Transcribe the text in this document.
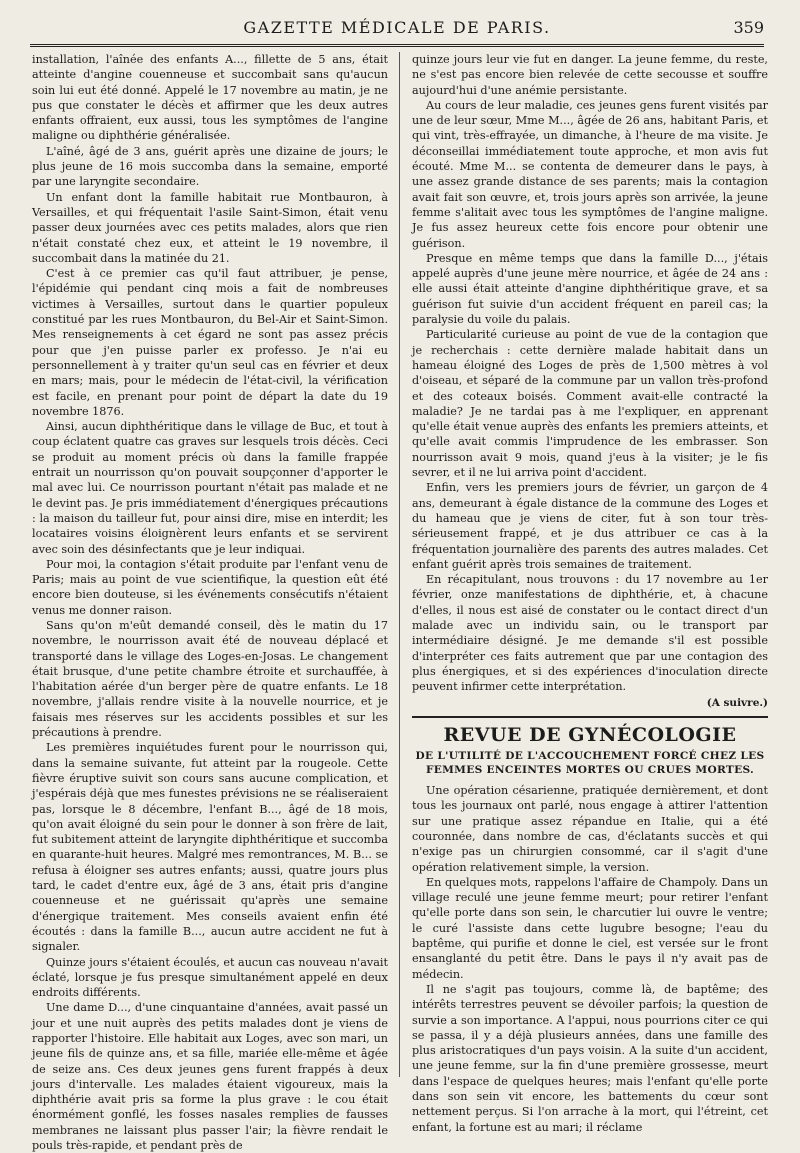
GAZETTE MÉDICALE DE PARIS.	359

installation, l'aînée des enfants A..., fillette de 5 ans, était atteinte d'angine couenneuse et succombait sans qu'aucun soin lui eut été donné. Appelé le 17 novembre au matin, je ne pus que constater le décès et affirmer que les deux autres enfants offraient, eux aussi, tous les symptômes de l'angine maligne ou diphthérie généralisée.

L'aîné, âgé de 3 ans, guérit après une dizaine de jours; le plus jeune de 16 mois succomba dans la semaine, emporté par une laryngite secondaire.

Un enfant dont la famille habitait rue Montbauron, à Versailles, et qui fréquentait l'asile Saint-Simon, était venu passer deux journées avec ces petits malades, alors que rien n'était constaté chez eux, et atteint le 19 novembre, il succombait dans la matinée du 21.

C'est à ce premier cas qu'il faut attribuer, je pense, l'épidémie qui pendant cinq mois a fait de nombreuses victimes à Versailles, surtout dans le quartier populeux constitué par les rues Montbauron, du Bel-Air et Saint-Simon. Mes renseignements à cet égard ne sont pas assez précis pour que j'en puisse parler ex professo. Je n'ai eu personnellement à y traiter qu'un seul cas en février et deux en mars; mais, pour le médecin de l'état-civil, la vérification est facile, en prenant pour point de départ la date du 19 novembre 1876.

Ainsi, aucun diphthéritique dans le village de Buc, et tout à coup éclatent quatre cas graves sur lesquels trois décès. Ceci se produit au moment précis où dans la famille frappée entrait un nourrisson qu'on pouvait soupçonner d'apporter le mal avec lui. Ce nourrisson pourtant n'était pas malade et ne le devint pas. Je pris immédiatement d'énergiques précautions : la maison du tailleur fut, pour ainsi dire, mise en interdit; les locataires voisins éloignèrent leurs enfants et se servirent avec soin des désinfectants que je leur indiquai.

Pour moi, la contagion s'était produite par l'enfant venu de Paris; mais au point de vue scientifique, la question eût été encore bien douteuse, si les événements consécutifs n'étaient venus me donner raison.

Sans qu'on m'eût demandé conseil, dès le matin du 17 novembre, le nourrisson avait été de nouveau déplacé et transporté dans le village des Loges-en-Josas. Le changement était brusque, d'une petite chambre étroite et surchauffée, à l'habitation aérée d'un berger père de quatre enfants. Le 18 novembre, j'allais rendre visite à la nouvelle nourrice, et je faisais mes réserves sur les accidents possibles et sur les précautions à prendre.

Les premières inquiétudes furent pour le nourrisson qui, dans la semaine suivante, fut atteint par la rougeole. Cette fièvre éruptive suivit son cours sans aucune complication, et j'espérais déjà que mes funestes prévisions ne se réaliseraient pas, lorsque le 8 décembre, l'enfant B..., âgé de 18 mois, qu'on avait éloigné du sein pour le donner à son frère de lait, fut subitement atteint de laryngite diphthéritique et succomba en quarante-huit heures. Malgré mes remontrances, M. B... se refusa à éloigner ses autres enfants; aussi, quatre jours plus tard, le cadet d'entre eux, âgé de 3 ans, était pris d'angine couenneuse et ne guérissait qu'après une semaine d'énergique traitement. Mes conseils avaient enfin été écoutés : dans la famille B..., aucun autre accident ne fut à signaler.

Quinze jours s'étaient écoulés, et aucun cas nouveau n'avait éclaté, lorsque je fus presque simultanément appelé en deux endroits différents.

Une dame D..., d'une cinquantaine d'années, avait passé un jour et une nuit auprès des petits malades dont je viens de rapporter l'histoire. Elle habitait aux Loges, avec son mari, un jeune fils de quinze ans, et sa fille, mariée elle-même et âgée de seize ans. Ces deux jeunes gens furent frappés à deux jours d'intervalle. Les malades étaient vigoureux, mais la diphthérie avait pris sa forme la plus grave : le cou était énormément gonflé, les fosses nasales remplies de fausses membranes ne laissant plus passer l'air; la fièvre rendait le pouls très-rapide, et pendant près de

quinze jours leur vie fut en danger. La jeune femme, du reste, ne s'est pas encore bien relevée de cette secousse et souffre aujourd'hui d'une anémie persistante.

Au cours de leur maladie, ces jeunes gens furent visités par une de leur sœur, Mme M..., âgée de 26 ans, habitant Paris, et qui vint, très-effrayée, un dimanche, à l'heure de ma visite. Je déconseillai immédiatement toute approche, et mon avis fut écouté. Mme M... se contenta de demeurer dans le pays, à une assez grande distance de ses parents; mais la contagion avait fait son œuvre, et, trois jours après son arrivée, la jeune femme s'alitait avec tous les symptômes de l'angine maligne. Je fus assez heureux cette fois encore pour obtenir une guérison.

Presque en même temps que dans la famille D..., j'étais appelé auprès d'une jeune mère nourrice, et âgée de 24 ans : elle aussi était atteinte d'angine diphthéritique grave, et sa guérison fut suivie d'un accident fréquent en pareil cas; la paralysie du voile du palais.

Particularité curieuse au point de vue de la contagion que je recherchais : cette dernière malade habitait dans un hameau éloigné des Loges de près de 1,500 mètres à vol d'oiseau, et séparé de la commune par un vallon très-profond et des coteaux boisés. Comment avait-elle contracté la maladie? Je ne tardai pas à me l'expliquer, en apprenant qu'elle était venue auprès des enfants les premiers atteints, et qu'elle avait commis l'imprudence de les embrasser. Son nourrisson avait 9 mois, quand j'eus à la visiter; je le fis sevrer, et il ne lui arriva point d'accident.

Enfin, vers les premiers jours de février, un garçon de 4 ans, demeurant à égale distance de la commune des Loges et du hameau que je viens de citer, fut à son tour très-sérieusement frappé, et je dus attribuer ce cas à la fréquentation journalière des parents des autres malades. Cet enfant guérit après trois semaines de traitement.

En récapitulant, nous trouvons : du 17 novembre au 1er février, onze manifestations de diphthérie, et, à chacune d'elles, il nous est aisé de constater ou le contact direct d'un malade avec un individu sain, ou le transport par intermédiaire désigné. Je me demande s'il est possible d'interpréter ces faits autrement que par une contagion des plus énergiques, et si des expériences d'inoculation directe peuvent infirmer cette interprétation.

(A suivre.)

REVUE DE GYNÉCOLOGIE
DE L'UTILITÉ DE L'ACCOUCHEMENT FORCÉ CHEZ LES FEMMES ENCEINTES MORTES OU CRUES MORTES.

Une opération césarienne, pratiquée dernièrement, et dont tous les journaux ont parlé, nous engage à attirer l'attention sur une pratique assez répandue en Italie, qui a été couronnée, dans nombre de cas, d'éclatants succès et qui n'exige pas un chirurgien consommé, car il s'agit d'une opération relativement simple, la version.

En quelques mots, rappelons l'affaire de Champoly. Dans un village reculé une jeune femme meurt; pour retirer l'enfant qu'elle porte dans son sein, le charcutier lui ouvre le ventre; le curé l'assiste dans cette lugubre besogne; l'eau du baptême, qui purifie et donne le ciel, est versée sur le front ensanglanté du petit être. Dans le pays il n'y avait pas de médecin.

Il ne s'agit pas toujours, comme là, de baptême; des intérêts terrestres peuvent se dévoiler parfois; la question de survie a son importance. A l'appui, nous pourrions citer ce qui se passa, il y a déjà plusieurs années, dans une famille des plus aristocratiques d'un pays voisin. A la suite d'un accident, une jeune femme, sur la fin d'une première grossesse, meurt dans l'espace de quelques heures; mais l'enfant qu'elle porte dans son sein vit encore, les battements du cœur sont nettement perçus. Si l'on arrache à la mort, qui l'étreint, cet enfant, la fortune est au mari; il réclame
